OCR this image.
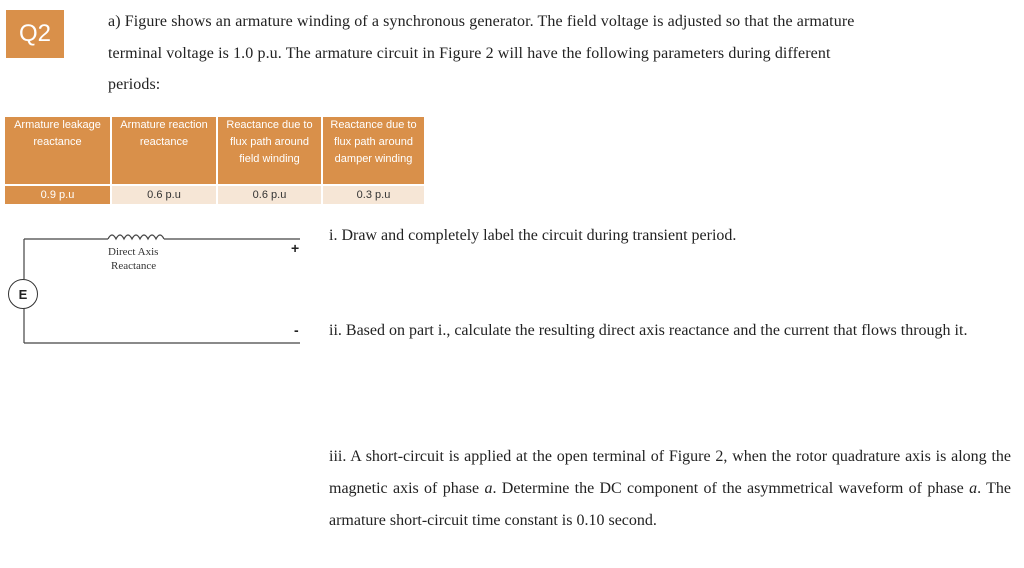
Q2	a) Figure shows an armature winding of a synchronous generator. The field voltage is adjusted so that the armature terminal voltage is 1.0 p.u. The armature circuit in Figure 2 will have the following parameters during different periods:
Armature leakage reactance	Armature reaction reactance	Reactance due to flux path around field winding	Reactance due to flux path around damper winding
0.9 p.u	0.6 p.u	0.6 p.u	0.3 p.u
Direct Axis
Reactance
E
+
-
i. Draw and completely label the circuit during transient period.
ii. Based on part i., calculate the resulting direct axis reactance and the current that flows through it.
iii. A short-circuit is applied at the open terminal of Figure 2, when the rotor quadrature axis is along the magnetic axis of phase a. Determine the DC component of the asymmetrical waveform of phase a. The armature short-circuit time constant is 0.10 second.
